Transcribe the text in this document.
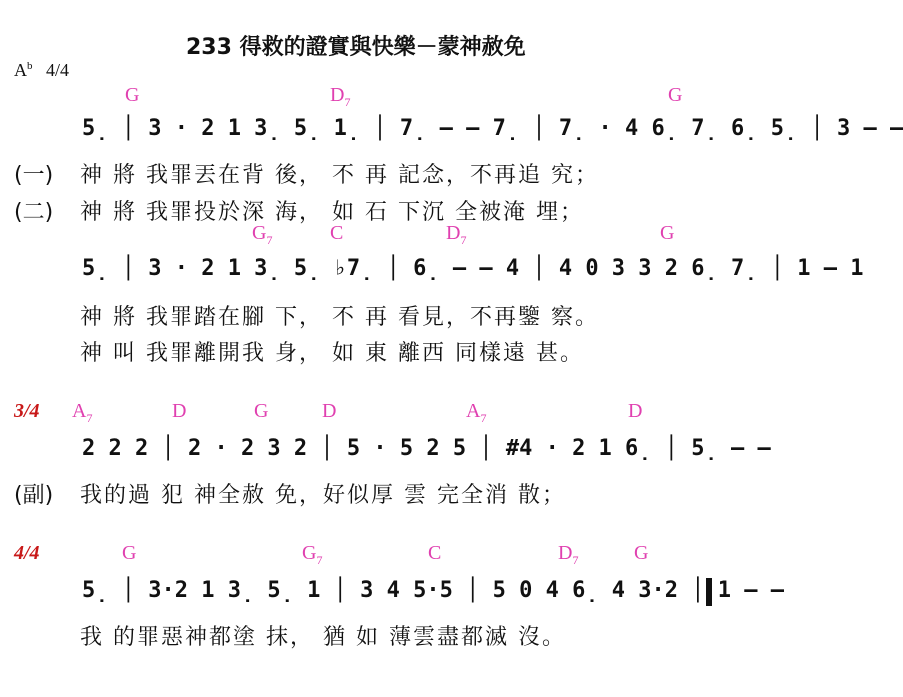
233 得救的證實與快樂－蒙神赦免
$A^b$ 4/4
G	$D_7$	G
5̣ │ 3 · 2 1 3̣ 5̣ 1̣ │ 7̣ – – 7̣ │ 7̣ · 4 6̣ 7̣ 6̣ 5̣ │ 3 – –
(一) 神 將 我罪丟在背 後， 不 再 記念，不再追 究；
(二) 神 將 我罪投於深 海， 如 石 下沉 全被淹 埋；
$G_7$	C	$D_7$	G
5̣ │ 3 · 2 1 3̣ 5̣ ♭7̣ │ 6̣ – – 4 │ 4 0 3 3 2 6̣ 7̣ │ 1 – 1
神 將 我罪踏在腳 下， 不 再 看見，不再鑒 察。
神 叫 我罪離開我 身， 如 東 離西 同樣遠 甚。
3/4 $A_7$	D	G	D	$A_7$	D
2 2 2 │ 2 · 2 3 2 │ 5 · 5 2 5 │ #4 · 2 1 6̣ │ 5̣ – –
(副) 我的過 犯 神全赦 免，好似厚 雲 完全消 散；
4/4	G	$G_7$	C	$D_7$	G
5̣ │ 3·2 1 3̣ 5̣ 1 │ 3 4 5·5 │ 5 0 4 6̣ 4 3·2 │ 1 – –
我 的罪惡神都塗 抹， 猶 如 薄雲盡都滅 沒。
